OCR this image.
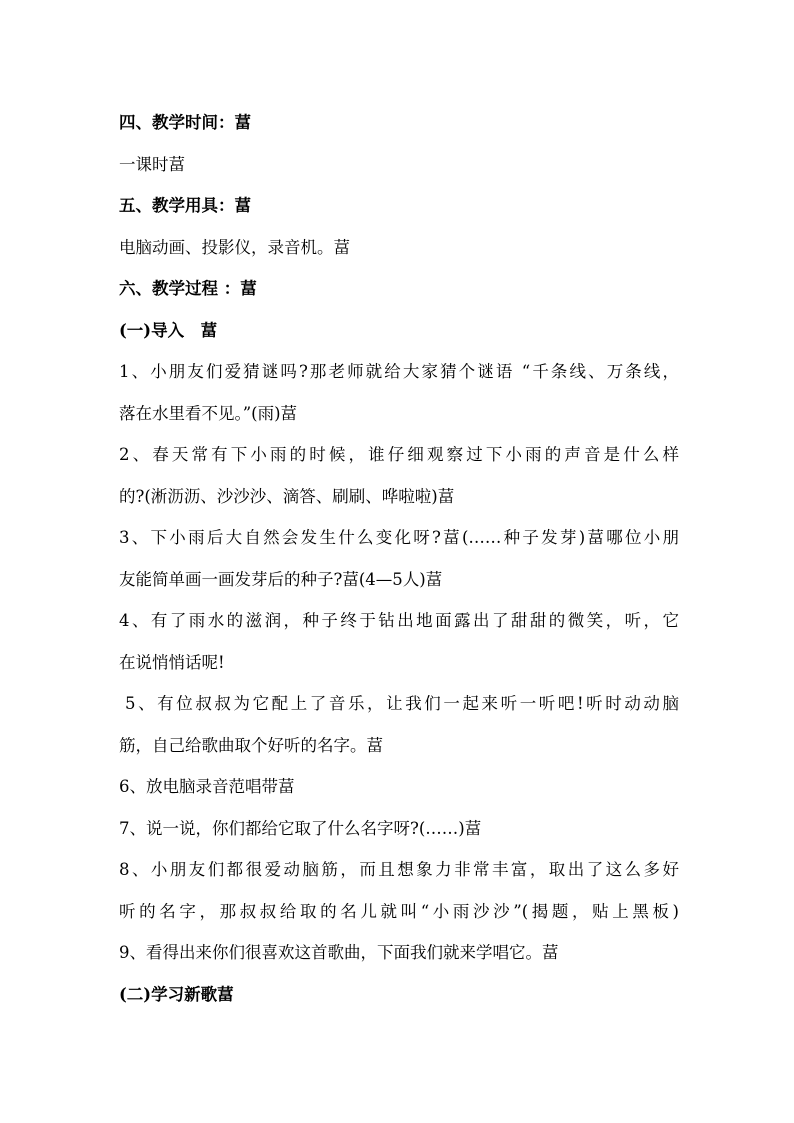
四、教学时间：葍

一课时葍

五、教学用具：葍

电脑动画、投影仪，录音机。葍

六、教学过程 ：葍

(一)导入　葍

1、小朋友们爱猜谜吗?那老师就给大家猜个谜语 “千条线、万条线，

落在水里看不见。”(雨)葍

2、春天常有下小雨的时候，谁仔细观察过下小雨的声音是什么样

的?(淅沥沥、沙沙沙、滴答、刷刷、哗啦啦)葍

3、下小雨后大自然会发生什么变化呀?葍(……种子发芽)葍哪位小朋

友能简单画一画发芽后的种子?葍(4—5人)葍

4、有了雨水的滋润，种子终于钻出地面露出了甜甜的微笑，听，它

在说悄悄话呢!

5、有位叔叔为它配上了音乐，让我们一起来听一听吧!听时动动脑

筋，自己给歌曲取个好听的名字。葍

6、放电脑录音范唱带葍

7、说一说，你们都给它取了什么名字呀?(……)葍

8、小朋友们都很爱动脑筋，而且想象力非常丰富，取出了这么多好

听的名字，那叔叔给取的名儿就叫“小雨沙沙”(揭题，贴上黑板)

9、看得出来你们很喜欢这首歌曲，下面我们就来学唱它。葍

(二)学习新歌葍
